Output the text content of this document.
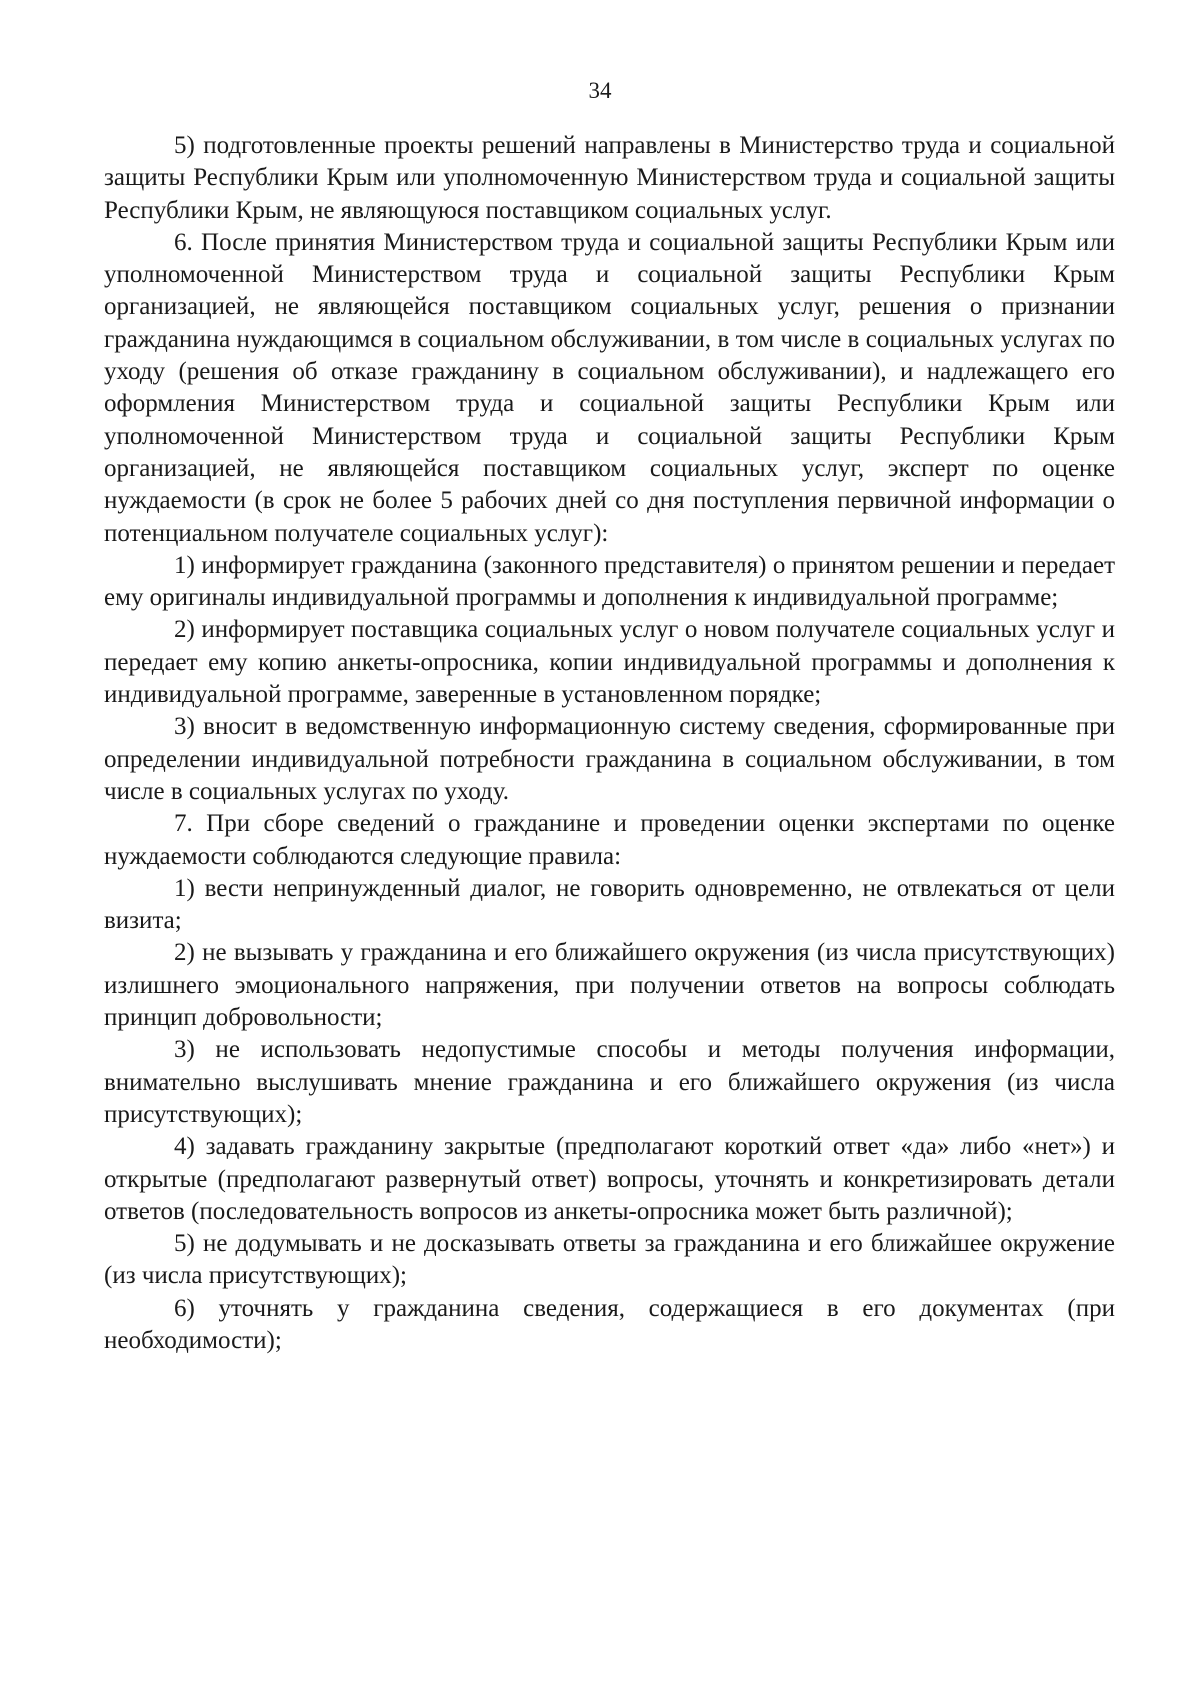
34

5) подготовленные проекты решений направлены в Министерство труда и социальной защиты Республики Крым или уполномоченную Министерством труда и социальной защиты Республики Крым, не являющуюся поставщиком социальных услуг.

6. После принятия Министерством труда и социальной защиты Республики Крым или уполномоченной Министерством труда и социальной защиты Республики Крым организацией, не являющейся поставщиком социальных услуг, решения о признании гражданина нуждающимся в социальном обслуживании, в том числе в социальных услугах по уходу (решения об отказе гражданину в социальном обслуживании), и надлежащего его оформления Министерством труда и социальной защиты Республики Крым или уполномоченной Министерством труда и социальной защиты Республики Крым организацией, не являющейся поставщиком социальных услуг, эксперт по оценке нуждаемости (в срок не более 5 рабочих дней со дня поступления первичной информации о потенциальном получателе социальных услуг):

1) информирует гражданина (законного представителя) о принятом решении и передает ему оригиналы индивидуальной программы и дополнения к индивидуальной программе;

2) информирует поставщика социальных услуг о новом получателе социальных услуг и передает ему копию анкеты-опросника, копии индивидуальной программы и дополнения к индивидуальной программе, заверенные в установленном порядке;

3) вносит в ведомственную информационную систему сведения, сформированные при определении индивидуальной потребности гражданина в социальном обслуживании, в том числе в социальных услугах по уходу.

7. При сборе сведений о гражданине и проведении оценки экспертами по оценке нуждаемости соблюдаются следующие правила:

1) вести непринужденный диалог, не говорить одновременно, не отвлекаться от цели визита;

2) не вызывать у гражданина и его ближайшего окружения (из числа присутствующих) излишнего эмоционального напряжения, при получении ответов на вопросы соблюдать принцип добровольности;

3) не использовать недопустимые способы и методы получения информации, внимательно выслушивать мнение гражданина и его ближайшего окружения (из числа присутствующих);

4) задавать гражданину закрытые (предполагают короткий ответ «да» либо «нет») и открытые (предполагают развернутый ответ) вопросы, уточнять и конкретизировать детали ответов (последовательность вопросов из анкеты-опросника может быть различной);

5) не додумывать и не досказывать ответы за гражданина и его ближайшее окружение (из числа присутствующих);

6) уточнять у гражданина сведения, содержащиеся в его документах (при необходимости);
